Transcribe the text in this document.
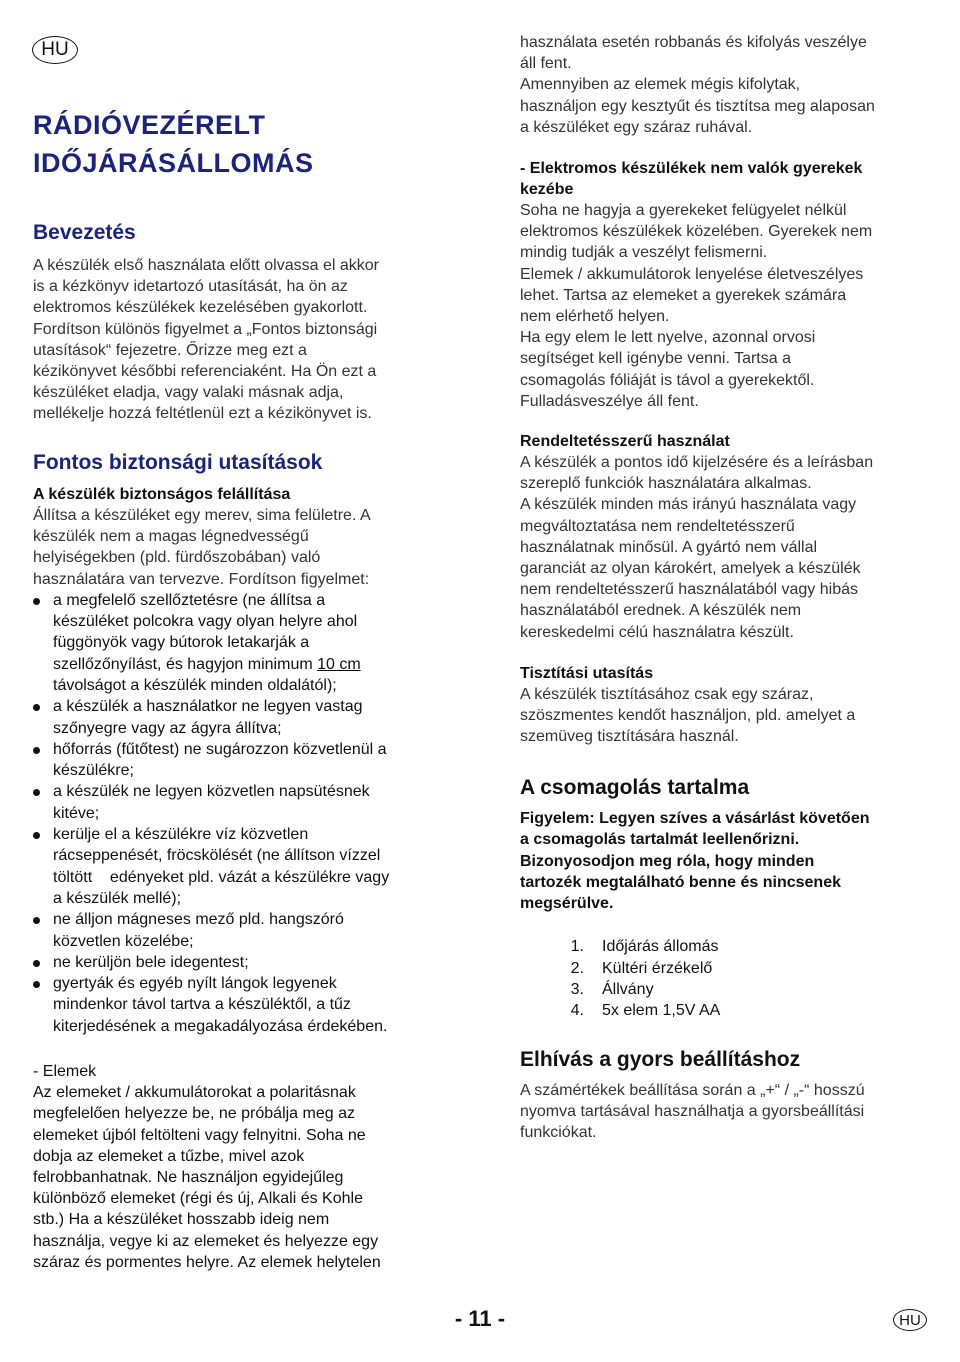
HU
RÁDIÓVEZÉRELT
IDŐJÁRÁSÁLLOMÁS
Bevezetés

A készülék első használata előtt olvassa el akkor

is a kézkönyv idetartozó utasítását, ha ön az

elektromos készülékek kezelésében gyakorlott.

Fordítson különös figyelmet a „Fontos biztonsági

utasítások“ fejezetre. Őrizze meg ezt a

kézikönyvet későbbi referenciaként. Ha Ön ezt a

készüléket eladja, vagy valaki másnak adja,

mellékelje hozzá feltétlenül ezt a kézikönyvet is.

Fontos biztonsági utasítások

A készülék biztonságos felállítása

Állítsa a készüléket egy merev, sima felületre. A

készülék nem a magas légnedvességű

helyiségekben (pld. fürdőszobában) való

használatára van tervezve. Fordítson figyelmet:

a megfelelő szellőztetésre (ne állítsa a
készüléket polcokra vagy olyan helyre ahol
függönyök vagy bútorok letakarják a
szellőzőnyílást, és hagyjon minimum 10 cm
távolságot a készülék minden oldalától);
a készülék a használatkor ne legyen vastag
szőnyegre vagy az ágyra állítva;
hőforrás (fűtőtest) ne sugározzon közvetlenül a
készülékre;
a készülék ne legyen közvetlen napsütésnek
kitéve;
kerülje el a készülékre víz közvetlen
rácseppenését, fröcskölését (ne állítson vízzel
töltött    edényeket pld. vázát a készülékre vagy
a készülék mellé);
ne álljon mágneses mező pld. hangszóró
közvetlen közelébe;
ne kerüljön bele idegentest;
gyertyák és egyéb nyílt lángok legyenek
mindenkor távol tartva a készüléktől, a tűz
kiterjedésének a megakadályozása érdekében.

- Elemek

Az elemeket / akkumulátorokat a polaritásnak

megfelelően helyezze be, ne próbálja meg az

elemeket újból feltölteni vagy felnyitni. Soha ne

dobja az elemeket a tűzbe, mivel azok

felrobbanhatnak. Ne használjon egyidejűleg

különböző elemeket (régi és új, Alkali és Kohle

stb.) Ha a készüléket hosszabb ideig nem

használja, vegye ki az elemeket és helyezze egy

száraz és pormentes helyre. Az elemek helytelen

használata esetén robbanás és kifolyás veszélye

áll fent.

Amennyiben az elemek mégis kifolytak,

használjon egy kesztyűt és tisztítsa meg alaposan

a készüléket egy száraz ruhával.

- Elektromos készülékek nem valók gyerekek
kezébe

Soha ne hagyja a gyerekeket felügyelet nélkül

elektromos készülékek közelében. Gyerekek nem

mindig tudják a veszélyt felismerni.

Elemek / akkumulátorok lenyelése életveszélyes

lehet. Tartsa az elemeket a gyerekek számára

nem elérhető helyen.

Ha egy elem le lett nyelve, azonnal orvosi

segítséget kell igénybe venni. Tartsa a

csomagolás fóliáját is távol a gyerekektől.

Fulladásveszélye áll fent.

Rendeltetésszerű használat

A készülék a pontos idő kijelzésére és a leírásban

szereplő funkciók használatára alkalmas.

A készülék minden más irányú használata vagy

megváltoztatása nem rendeltetésszerű

használatnak minősül. A gyártó nem vállal

garanciát az olyan károkért, amelyek a készülék

nem rendeltetésszerű használatából vagy hibás

használatából erednek. A készülék nem

kereskedelmi célú használatra készült.

Tisztítási utasítás

A készülék tisztításához csak egy száraz,

szöszmentes kendőt használjon, pld. amelyet a

szemüveg tisztítására használ.

A csomagolás tartalma

Figyelem: Legyen szíves a vásárlást követően

a csomagolás tartalmát leellenőrizni.

Bizonyosodjon meg róla, hogy minden

tartozék megtalálható benne és nincsenek

megsérülve.

1.	Időjárás állomás
2.	Kültéri érzékelő
3.	Állvány
4.	5x elem 1,5V AA
Elhívás a gyors beállításhoz

A számértékek beállítása során a „+“ / „-“ hosszú

nyomva tartásával használhatja a gyorsbeállítási

funkciókat.

- 11 -	HU
